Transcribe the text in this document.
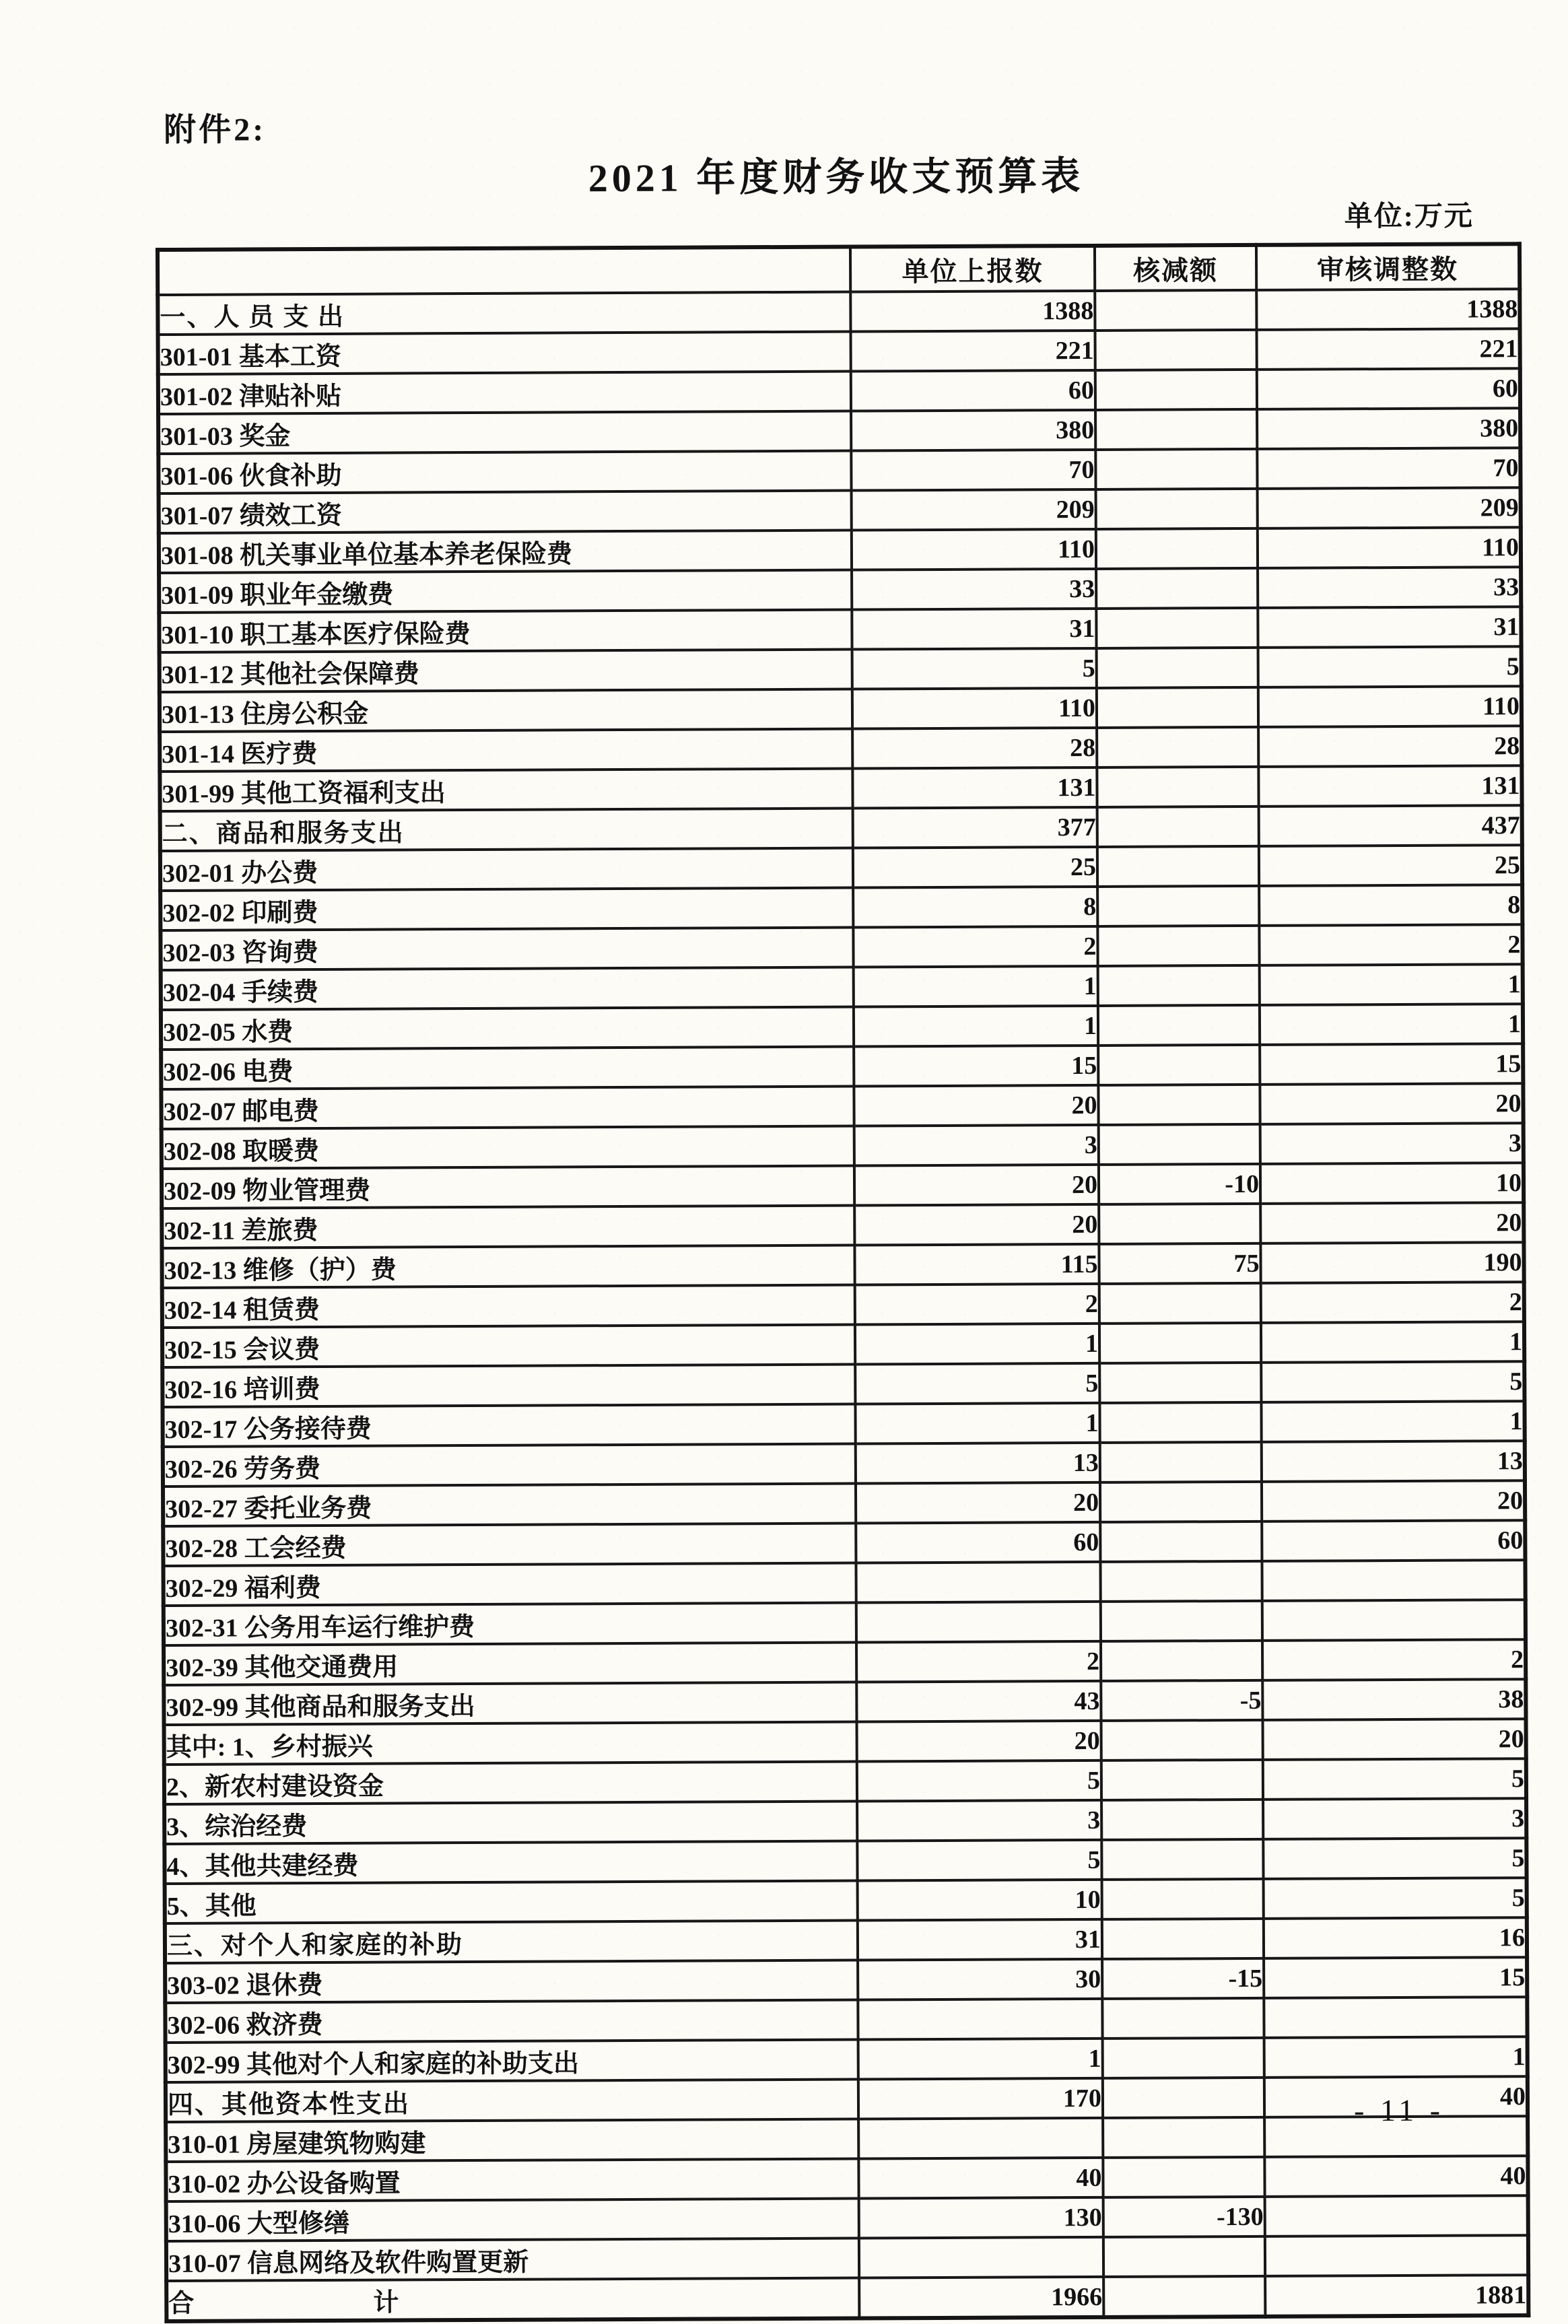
附件2:
2021 年度财务收支预算表
单位:万元
	单位上报数	核减额	审核调整数
一、人 员 支 出	1388		1388
301-01 基本工资	221		221
301-02 津贴补贴	60		60
301-03 奖金	380		380
301-06 伙食补助	70		70
301-07 绩效工资	209		209
301-08 机关事业单位基本养老保险费	110		110
301-09 职业年金缴费	33		33
301-10 职工基本医疗保险费	31		31
301-12 其他社会保障费	5		5
301-13 住房公积金	110		110
301-14 医疗费	28		28
301-99 其他工资福利支出	131		131
二、商品和服务支出	377		437
302-01 办公费	25		25
302-02 印刷费	8		8
302-03 咨询费	2		2
302-04 手续费	1		1
302-05 水费	1		1
302-06 电费	15		15
302-07 邮电费	20		20
302-08 取暖费	3		3
302-09 物业管理费	20	-10	10
302-11 差旅费	20		20
302-13 维修（护）费	115	75	190
302-14 租赁费	2		2
302-15 会议费	1		1
302-16 培训费	5		5
302-17 公务接待费	1		1
302-26 劳务费	13		13
302-27 委托业务费	20		20
302-28 工会经费	60		60
302-29 福利费			
302-31 公务用车运行维护费			
302-39 其他交通费用	2		2
302-99 其他商品和服务支出	43	-5	38
其中: 1、乡村振兴	20		20
2、新农村建设资金	5		5
3、综治经费	3		3
4、其他共建经费	5		5
5、其他	10		5
三、对个人和家庭的补助	31		16
303-02 退休费	30	-15	15
302-06 救济费			
302-99 其他对个人和家庭的补助支出	1		1
四、其他资本性支出	170		40
310-01 房屋建筑物购建			
310-02 办公设备购置	40		40
310-06 大型修缮	130	-130	
310-07 信息网络及软件购置更新			
合　　　　　　　计	1966		1881
- 11 -
